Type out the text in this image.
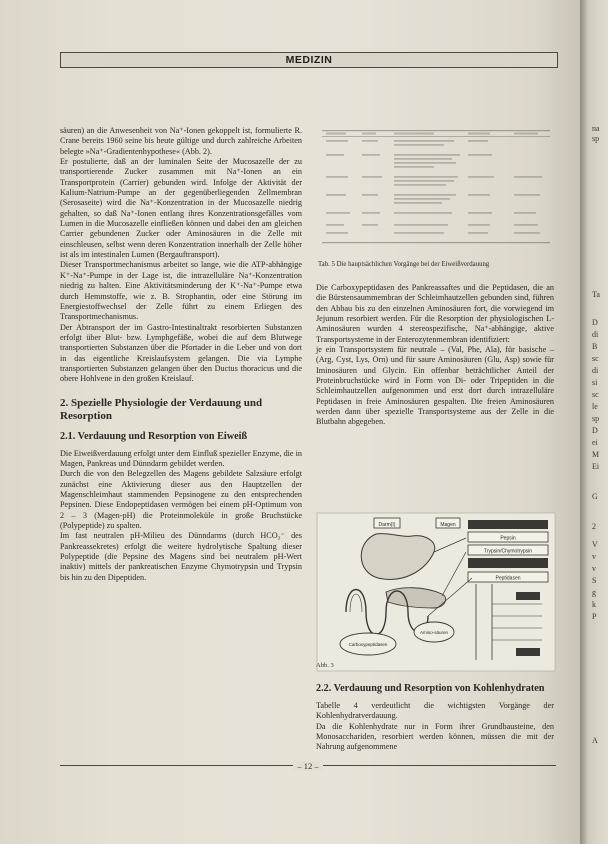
MEDIZIN

säuren) an die Anwesenheit von Na⁺-Ionen gekoppelt ist, formulierte R. Crane bereits 1960 seine bis heute gültige und durch zahlreiche Arbeiten belegte »Na⁺-Gradientenhypothese« (Abb. 2).

Er postulierte, daß an der luminalen Seite der Mucosazelle der zu transportierende Zucker zusammen mit Na⁺-Ionen an ein Transportprotein (Carrier) gebunden wird. Infolge der Aktivität der Kalium-Natrium-Pumpe an der gegenüberliegenden Zellmembran (Serosaseite) wird die Na⁺-Konzentration in der Mucosazelle niedrig gehalten, so daß Na⁺-Ionen entlang ihres Konzentrationsgefälles vom Lumen in die Mucosazelle einfließen können und dabei den am gleichen Carrier gebundenen Zucker oder Aminosäuren in die Zelle mit einschleusen, selbst wenn deren Konzentration innerhalb der Zelle höher ist als im intestinalen Lumen (Bergauftransport).

Dieser Transportmechanismus arbeitet so lange, wie die ATP-abhängige K⁺-Na⁺-Pumpe in der Lage ist, die intrazelluläre Na⁺-Konzentration niedrig zu halten. Eine Aktivitätsminderung der K⁺-Na⁺-Pumpe etwa durch Hemmstoffe, wie z. B. Strophantin, oder eine Störung im Energiestoffwechsel der Zelle führt zu einem Erliegen des Transportmechanismus.

Der Abtransport der im Gastro-Intestinaltrakt resorbierten Substanzen erfolgt über Blut- bzw. Lymphgefäße, wobei die auf dem Blutwege transportierten Substanzen über die Pfortader in die Leber und von dort in das eigentliche Kreislaufsystem gelangen. Die via Lymphe transportierten Substanzen gelangen über den Ductus thoracicus und die obere Hohlvene in den großen Kreislauf.

2. Spezielle Physiologie der Verdauung und Resorption
2.1. Verdauung und Resorption von Eiweiß

Die Eiweißverdauung erfolgt unter dem Einfluß spezieller Enzyme, die in Magen, Pankreas und Dünndarm gebildet werden.

Durch die von den Belegzellen des Magens gebildete Salzsäure erfolgt zunächst eine Aktivierung dieser aus den Hauptzellen der Magenschleimhaut stammenden Pepsinogene zu den entsprechenden Pepsinen. Diese Endopeptidasen vermögen bei einem pH-Optimum von 2 – 3 (Magen-pH) die Proteinmoleküle in große Bruchstücke (Polypeptide) zu spalten.

Im fast neutralen pH-Milieu des Dünndarms (durch HCO₃⁻ des Pankreassekretes) erfolgt die weitere hydrolytische Spaltung dieser Polypeptide (die Pepsine des Magens sind bei neutralem pH-Wert inaktiv) mittels der pankreatischen Enzyme Chymotrypsin und Trypsin bis hin zu den Dipeptiden.

Tab. 5 Die hauptsächlichen Vorgänge bei der Eiweißverdauung

Die Carboxypeptidasen des Pankreassaftes und die Peptidasen, die an die Bürstensaummembran der Schleimhautzellen gebunden sind, führen den Abbau bis zu den einzelnen Aminosäuren fort, die vorwiegend im Jejunum resorbiert werden. Für die Resorption der physiologischen L-Aminosäuren wurden 4 stereospezifische, Na⁺-abhängige, aktive Transportsysteme in der Enterozytenmembran identifiziert:

je ein Transportsystem für neutrale – (Val, Phe, Ala), für basische – (Arg, Cyst, Lys, Orn) und für saure Aminosäuren (Glu, Asp) sowie für Iminosäuren und Glycin. Ein offenbar beträchtlicher Anteil der Proteinbruchstücke wird in Form von Di- oder Tripeptiden in die Schleimhautzellen aufgenommen und erst dort durch intrazelluläre Peptidasen in freie Aminosäuren gespalten. Die freien Aminosäuren werden dann über spezielle Transportsysteme aus der Zelle in die Blutbahn abgegeben.

Darm(I)	Magen
Pepsin
Trypsin/Chymotrypsin
Peptidasen
Carboxypeptidasen
Amino-säuren
Abb. 3
2.2. Verdauung und Resorption von Kohlenhydraten

Tabelle 4 verdeutlicht die wichtigsten Vorgänge der Kohlenhydratverdauung.

Da die Kohlenhydrate nur in Form ihrer Grundbausteine, den Monosacchariden, resorbiert werden können, müssen die mit der Nahrung aufgenommene

– 12 –
na
sp
Ta
D
di
B
sc
di
si
sc
le
sp
D
ei
M
Ei
G
2
V
v
v
S
g
k
P
A
